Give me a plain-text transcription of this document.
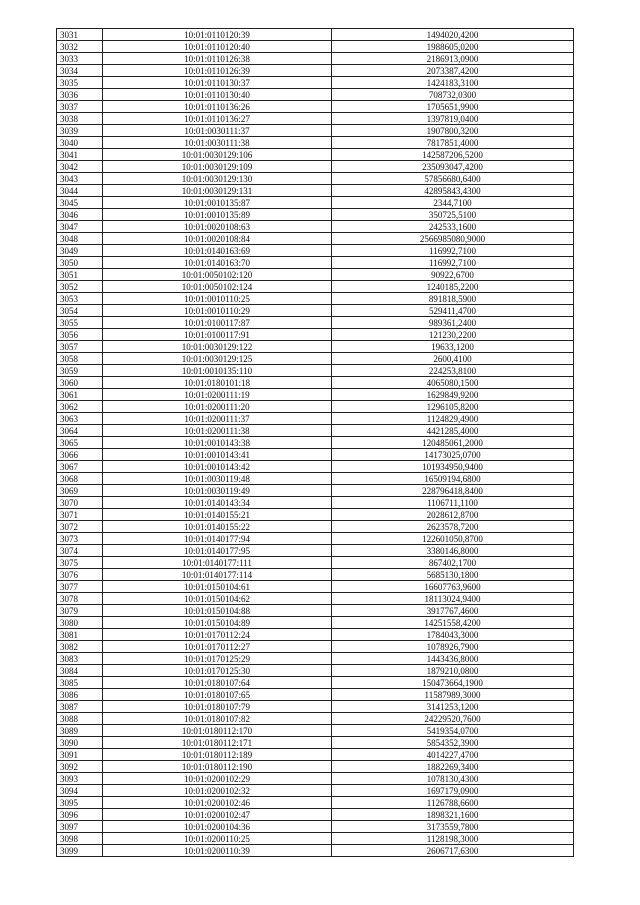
3031	10:01:0110120:39	1494020,4200
3032	10:01:0110120:40	1988605,0200
3033	10:01:0110126:38	2186913,0900
3034	10:01:0110126:39	2073387,4200
3035	10:01:0110130:37	1424183,3100
3036	10:01:0110130:40	708732,0300
3037	10:01:0110136:26	1705651,9900
3038	10:01:0110136:27	1397819,0400
3039	10:01:0030111:37	1907800,3200
3040	10:01:0030111:38	7817851,4000
3041	10:01:0030129:106	142587206,5200
3042	10:01:0030129:109	235093047,4200
3043	10:01:0030129:130	57856680,6400
3044	10:01:0030129:131	42895843,4300
3045	10:01:0010135:87	2344,7100
3046	10:01:0010135:89	350725,5100
3047	10:01:0020108:63	242533,1600
3048	10:01:0020108:84	2566985080,9000
3049	10:01:0140163:69	116992,7100
3050	10:01:0140163:70	116992,7100
3051	10:01:0050102:120	90922,6700
3052	10:01:0050102:124	1240185,2200
3053	10:01:0010110:25	891818,5900
3054	10:01:0010110:29	529411,4700
3055	10:01:0100117:87	989361,2400
3056	10:01:0100117:91	121230,2200
3057	10:01:0030129:122	19633,1200
3058	10:01:0030129:125	2600,4100
3059	10:01:0010135:110	224253,8100
3060	10:01:0180101:18	4065080,1500
3061	10:01:0200111:19	1629849,9200
3062	10:01:0200111:20	1296105,8200
3063	10:01:0200111:37	1124829,4900
3064	10:01:0200111:38	4421285,4000
3065	10:01:0010143:38	120485061,2000
3066	10:01:0010143:41	14173025,0700
3067	10:01:0010143:42	101934950,9400
3068	10:01:0030119:48	16509194,6800
3069	10:01:0030119:49	228796418,8400
3070	10:01:0140143:34	1106711,1100
3071	10:01:0140155:21	2028612,8700
3072	10:01:0140155:22	2623578,7200
3073	10:01:0140177:94	122601050,8700
3074	10:01:0140177:95	3380146,8000
3075	10:01:0140177:111	867402,1700
3076	10:01:0140177:114	5685130,1800
3077	10:01:0150104:61	16607763,9600
3078	10:01:0150104:62	18113024,9400
3079	10:01:0150104:88	3917767,4600
3080	10:01:0150104:89	14251558,4200
3081	10:01:0170112:24	1784043,3000
3082	10:01:0170112:27	1078926,7900
3083	10:01:0170125:29	1443436,8000
3084	10:01:0170125:30	1879210,0800
3085	10:01:0180107:64	150473664,1900
3086	10:01:0180107:65	11587989,3000
3087	10:01:0180107:79	3141253,1200
3088	10:01:0180107:82	24229520,7600
3089	10:01:0180112:170	5419354,0700
3090	10:01:0180112:171	5854352,3900
3091	10:01:0180112:189	4014227,4700
3092	10:01:0180112:190	1882269,3400
3093	10:01:0200102:29	1078130,4300
3094	10:01:0200102:32	1697179,0900
3095	10:01:0200102:46	1126788,6600
3096	10:01:0200102:47	1898321,1600
3097	10:01:0200104:36	3173559,7800
3098	10:01:0200110:25	1128198,3000
3099	10:01:0200110:39	2606717,6300
